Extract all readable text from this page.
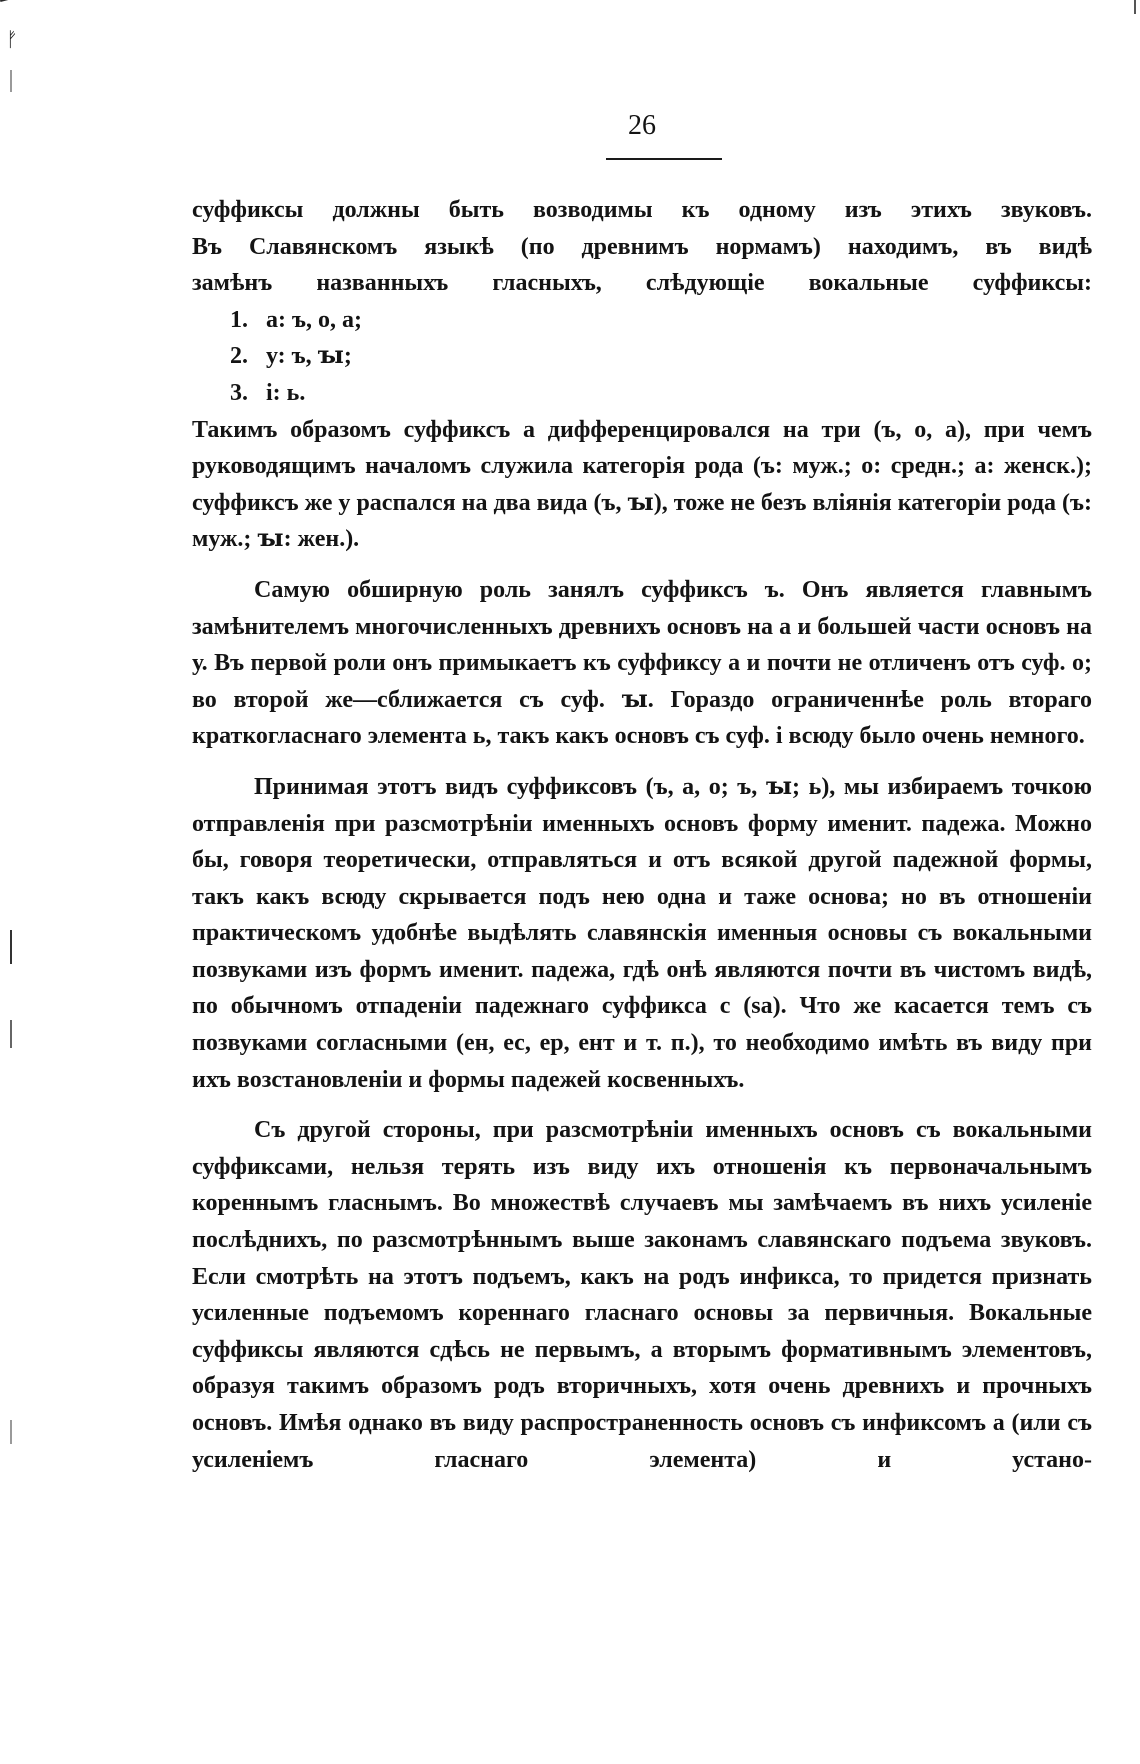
ᚠ

26

суффиксы должны быть возводимы къ одному изъ этихъ звуковъ.

Въ Славянскомъ языкѣ (по древнимъ нормамъ) находимъ, въ видѣ

замѣнъ названныхъ гласныхъ, слѣдующіе вокальные суффиксы:

1. a: ъ, о, а;
2. у: ъ, ꙑ;
3. i: ь.

Такимъ образомъ суффиксъ а дифференцировался на три (ъ, о, а), при чемъ руководящимъ началомъ служила категорія рода (ъ: муж.; о: средн.; а: женск.); суффиксъ же у распался на два вида (ъ, ꙑ), тоже не безъ вліянія категоріи рода (ъ: муж.; ꙑ: жен.).

Самую обширную роль занялъ суффиксъ ъ. Онъ является главнымъ замѣнителемъ многочисленныхъ древнихъ основъ на а и большей части основъ на у. Въ первой роли онъ примыкаетъ къ суффиксу а и почти не отличенъ отъ суф. о; во второй же—сближается съ суф. ꙑ. Гораздо ограниченнѣе роль втораго краткогласнаго элемента ь, такъ какъ основъ съ суф. i всюду было очень немного.

Принимая этотъ видъ суффиксовъ (ъ, а, о; ъ, ꙑ; ь), мы избираемъ точкою отправленія при разсмотрѣніи именныхъ основъ форму именит. падежа. Можно бы, говоря теоретически, отправляться и отъ всякой другой падежной формы, такъ какъ всюду скрывается подъ нею одна и таже основа; но въ отношеніи практическомъ удобнѣе выдѣлять славянскія именныя основы съ вокальными позвуками изъ формъ именит. падежа, гдѣ онѣ являются почти въ чистомъ видѣ, по обычномъ отпаденіи падежнаго суффикса с (sa). Что же касается темъ съ позвуками согласными (ен, ес, ер, ент и т. п.), то необходимо имѣть въ виду при ихъ возстановленіи и формы падежей косвенныхъ.

Съ другой стороны, при разсмотрѣніи именныхъ основъ съ вокальными суффиксами, нельзя терять изъ виду ихъ отношенія къ первоначальнымъ кореннымъ гласнымъ. Во множествѣ случаевъ мы замѣчаемъ въ нихъ усиленіе послѣднихъ, по разсмотрѣннымъ выше законамъ славянскаго подъема звуковъ. Если смотрѣть на этотъ подъемъ, какъ на родъ инфикса, то придется признать усиленные подъемомъ кореннаго гласнаго основы за первичныя. Вокальные суффиксы являются сдѣсь не первымъ, а вторымъ формативнымъ элементовъ, образуя такимъ образомъ родъ вторичныхъ, хотя очень древнихъ и прочныхъ основъ. Имѣя однако въ виду распространенность основъ съ инфиксомъ а (или съ усиленіемъ гласнаго элемента) и устано-
